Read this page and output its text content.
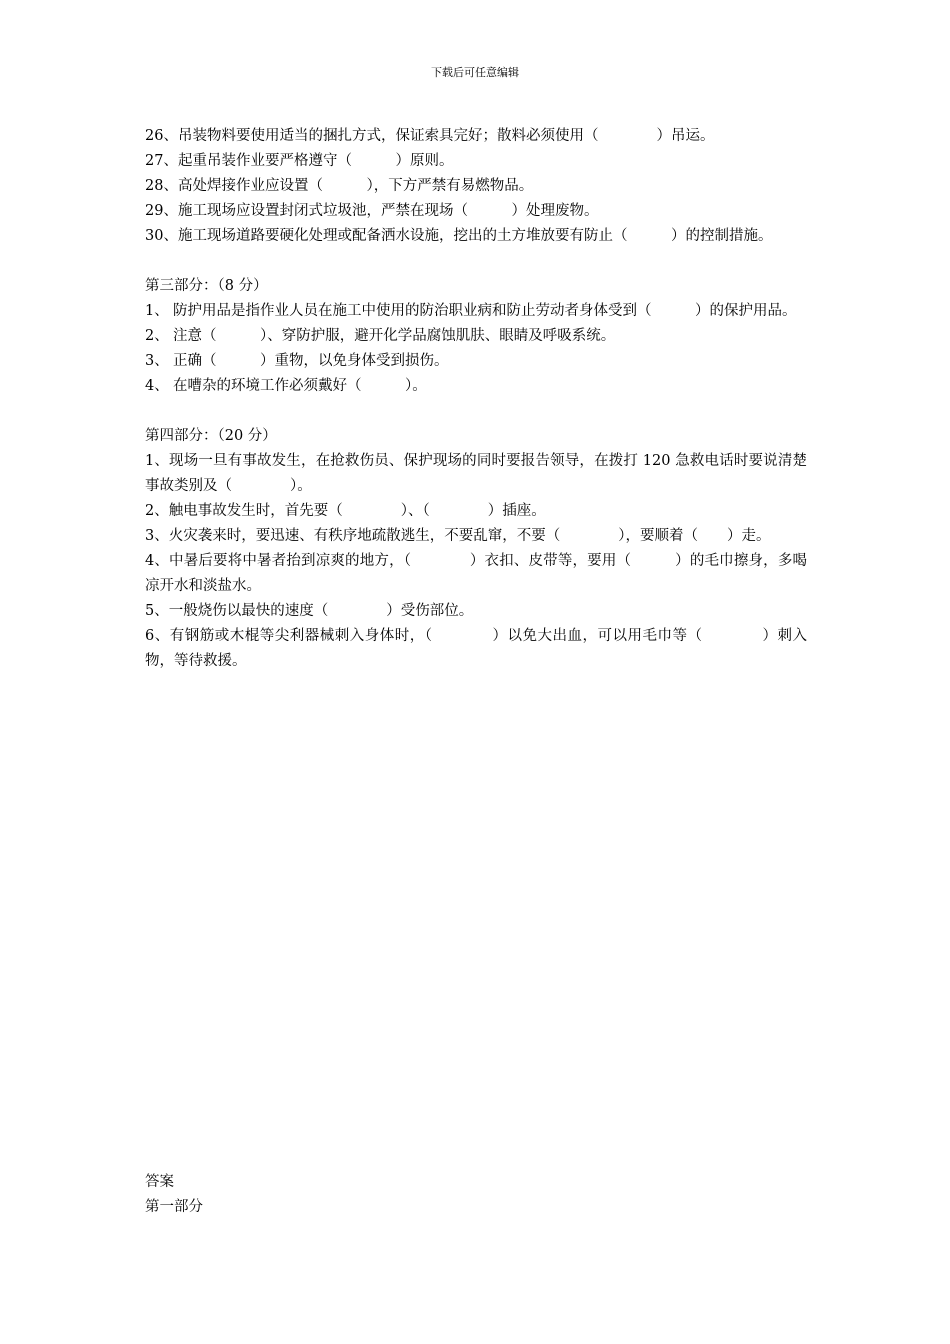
下载后可任意编辑

26、吊装物料要使用适当的捆扎方式，保证索具完好；散料必须使用（　　　　）吊运。

27、起重吊装作业要严格遵守（　　　）原则。

28、高处焊接作业应设置（　　　），下方严禁有易燃物品。

29、施工现场应设置封闭式垃圾池，严禁在现场（　　　）处理废物。

30、施工现场道路要硬化处理或配备洒水设施，挖出的土方堆放要有防止（　　　）的控制措施。

第三部分：（8 分）

1、 防护用品是指作业人员在施工中使用的防治职业病和防止劳动者身体受到（　　　）的保护用品。
2、 注意（　　　）、穿防护服，避开化学品腐蚀肌肤、眼睛及呼吸系统。
3、 正确（　　　）重物，以免身体受到损伤。
4、 在嘈杂的环境工作必须戴好（　　　）。

第四部分：（20 分）

1、现场一旦有事故发生，在抢救伤员、保护现场的同时要报告领导，在拨打 120 急救电话时要说清楚事故类别及（　　　　）。

2、触电事故发生时，首先要（　　　　）、（　　　　）插座。

3、火灾袭来时，要迅速、有秩序地疏散逃生，不要乱窜，不要（　　　　），要顺着（　　）走。

4、中暑后要将中暑者抬到凉爽的地方，（　　　　）衣扣、皮带等，要用（　　　）的毛巾擦身，多喝凉开水和淡盐水。

5、一般烧伤以最快的速度（　　　　）受伤部位。

6、有钢筋或木棍等尖利器械刺入身体时，（　　　　）以免大出血，可以用毛巾等（　　　　）刺入物，等待救援。

答案

第一部分
